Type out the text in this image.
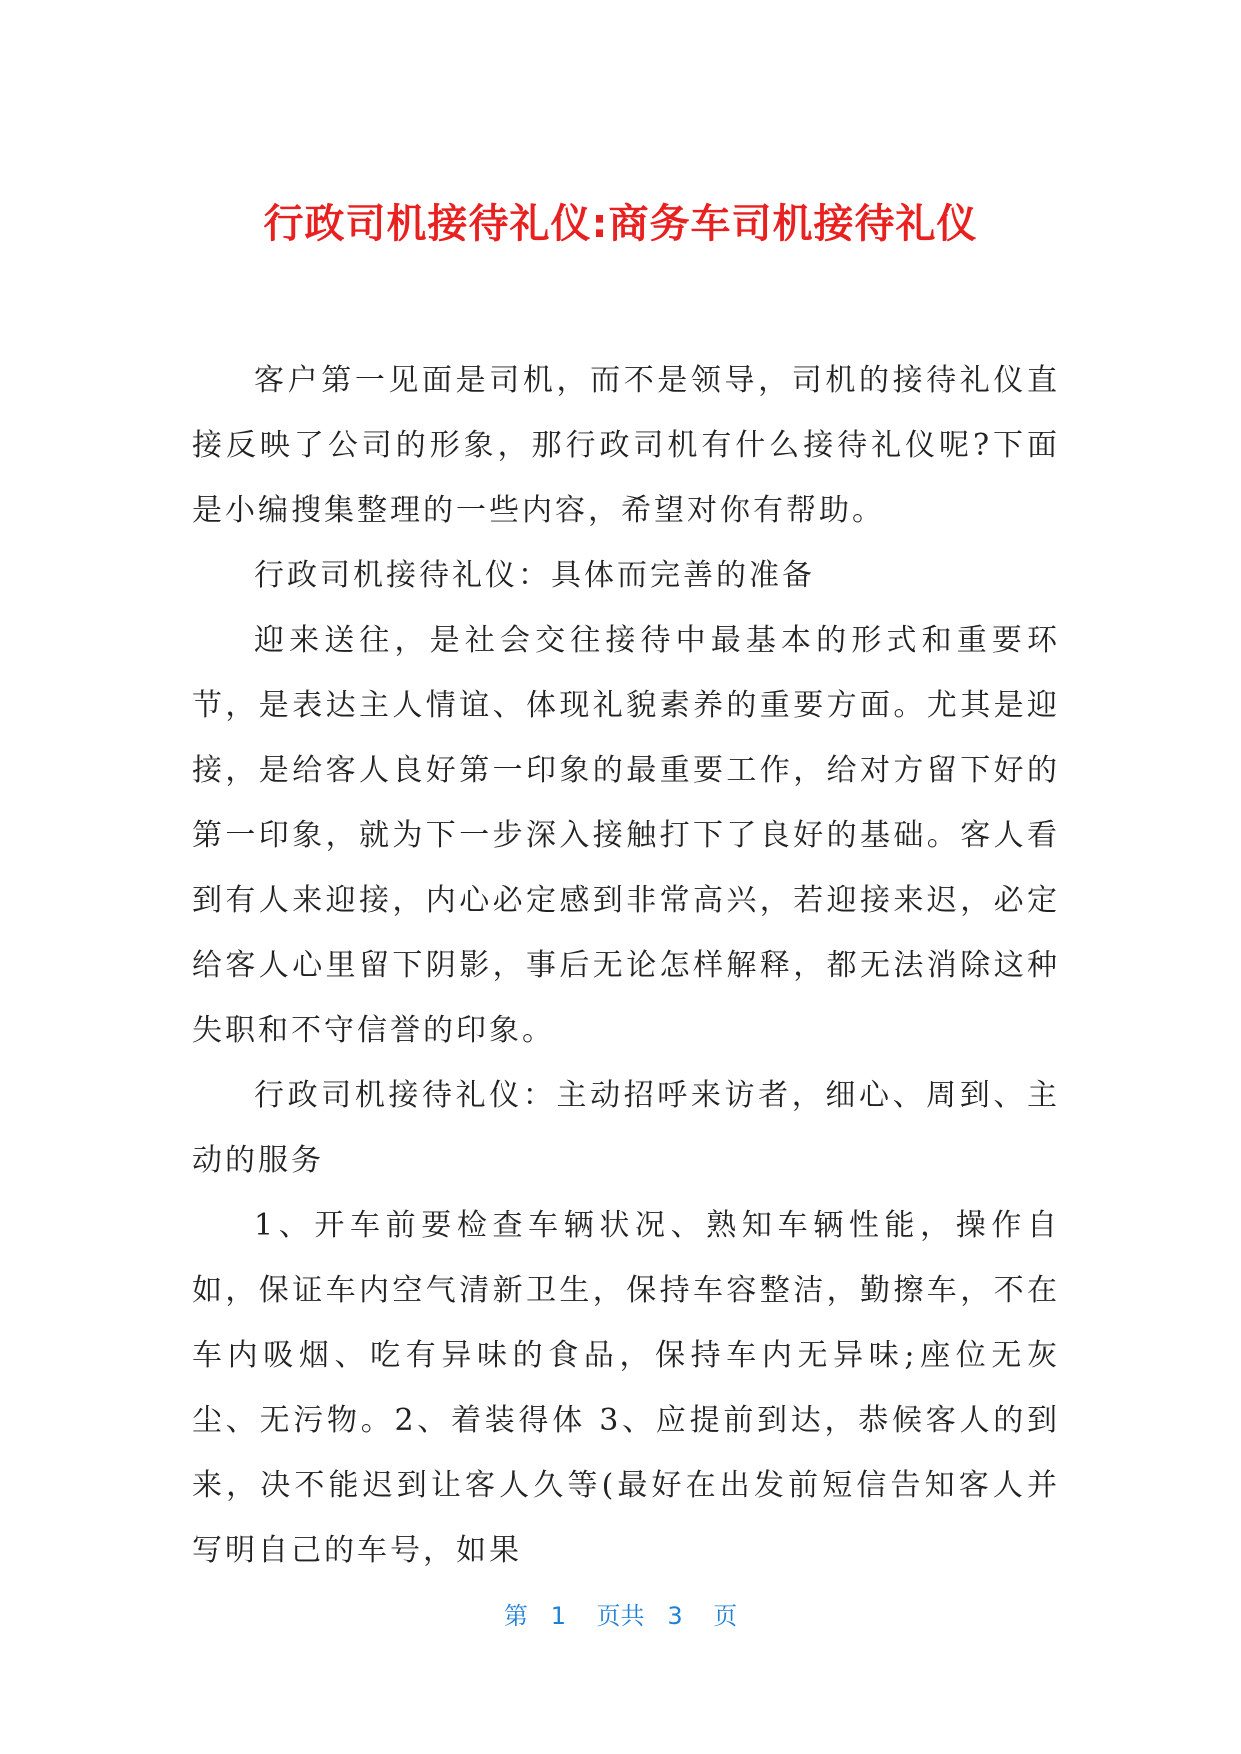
行政司机接待礼仪:商务车司机接待礼仪

客户第一见面是司机，而不是领导，司机的接待礼仪直接反映了公司的形象，那行政司机有什么接待礼仪呢?下面是小编搜集整理的一些内容，希望对你有帮助。

行政司机接待礼仪：具体而完善的准备

迎来送往，是社会交往接待中最基本的形式和重要环节，是表达主人情谊、体现礼貌素养的重要方面。尤其是迎接，是给客人良好第一印象的最重要工作，给对方留下好的第一印象，就为下一步深入接触打下了良好的基础。客人看到有人来迎接，内心必定感到非常高兴，若迎接来迟，必定给客人心里留下阴影，事后无论怎样解释，都无法消除这种失职和不守信誉的印象。

行政司机接待礼仪：主动招呼来访者，细心、周到、主动的服务

1、开车前要检查车辆状况、熟知车辆性能，操作自如，保证车内空气清新卫生，保持车容整洁，勤擦车，不在车内吸烟、吃有异味的食品，保持车内无异味;座位无灰尘、无污物。2、着装得体 3、应提前到达，恭候客人的到来，决不能迟到让客人久等(最好在出发前短信告知客人并写明自己的车号，如果

第 1 页共 3 页
